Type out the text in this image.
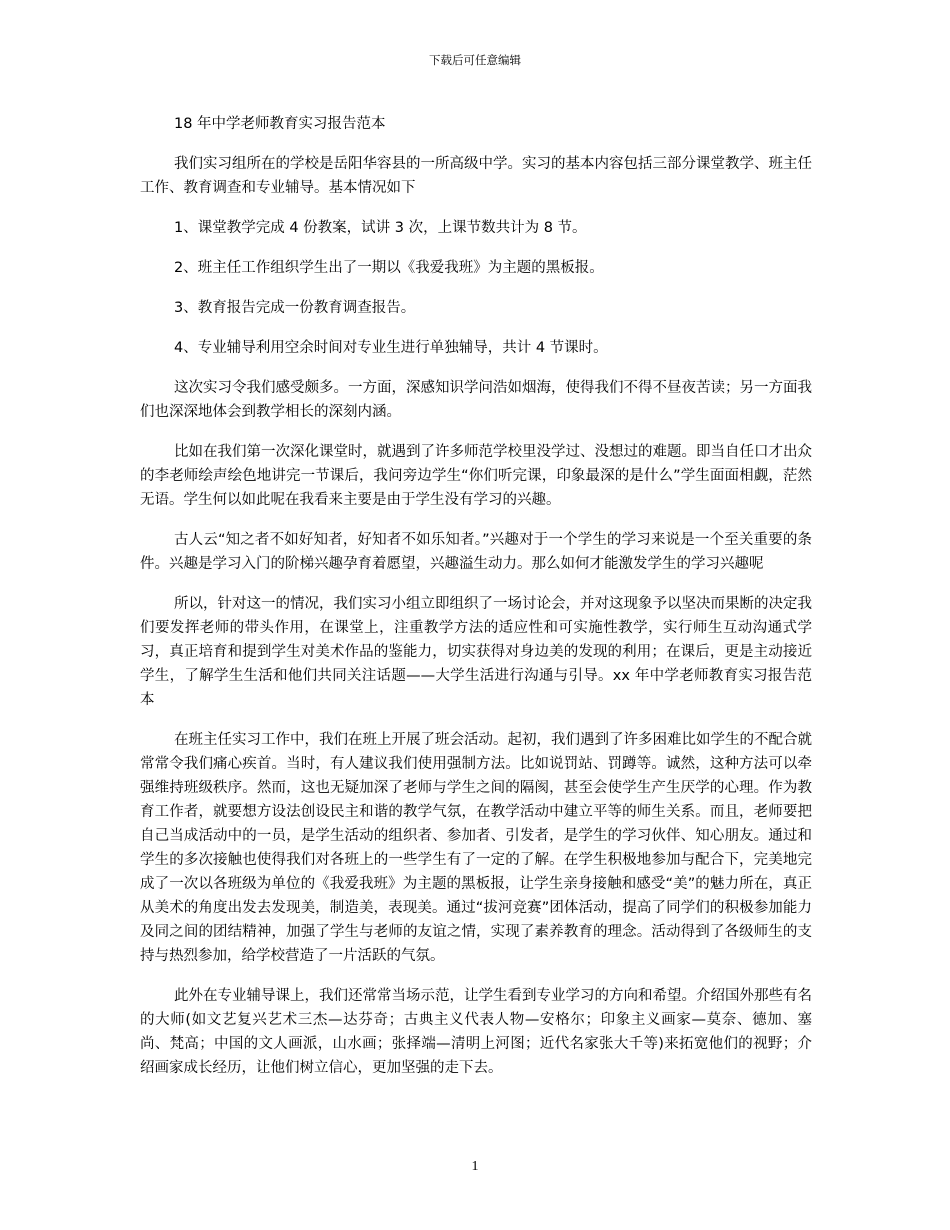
下载后可任意编辑

18 年中学老师教育实习报告范本

我们实习组所在的学校是岳阳华容县的一所高级中学。实习的基本内容包括三部分课堂教学、班主任工作、教育调查和专业辅导。基本情况如下

1、课堂教学完成 4 份教案，试讲 3 次，上课节数共计为 8 节。

2、班主任工作组织学生出了一期以《我爱我班》为主题的黑板报。

3、教育报告完成一份教育调查报告。

4、专业辅导利用空余时间对专业生进行单独辅导，共计 4 节课时。

这次实习令我们感受颇多。一方面，深感知识学问浩如烟海，使得我们不得不昼夜苦读；另一方面我们也深深地体会到教学相长的深刻内涵。

比如在我们第一次深化课堂时，就遇到了许多师范学校里没学过、没想过的难题。即当自任口才出众的李老师绘声绘色地讲完一节课后，我问旁边学生“你们听完课，印象最深的是什么”学生面面相觑，茫然无语。学生何以如此呢在我看来主要是由于学生没有学习的兴趣。

古人云“知之者不如好知者，好知者不如乐知者。”兴趣对于一个学生的学习来说是一个至关重要的条件。兴趣是学习入门的阶梯兴趣孕育着愿望，兴趣溢生动力。那么如何才能激发学生的学习兴趣呢

所以，针对这一的情况，我们实习小组立即组织了一场讨论会，并对这现象予以坚决而果断的决定我们要发挥老师的带头作用，在课堂上，注重教学方法的适应性和可实施性教学，实行师生互动沟通式学习，真正培育和提到学生对美术作品的鉴能力，切实获得对身边美的发现的利用；在课后，更是主动接近学生，了解学生生活和他们共同关注话题——大学生活进行沟通与引导。xx 年中学老师教育实习报告范本

在班主任实习工作中，我们在班上开展了班会活动。起初，我们遇到了许多困难比如学生的不配合就常常令我们痛心疾首。当时，有人建议我们使用强制方法。比如说罚站、罚蹲等。诚然，这种方法可以牵强维持班级秩序。然而，这也无疑加深了老师与学生之间的隔阂，甚至会使学生产生厌学的心理。作为教育工作者，就要想方设法创设民主和谐的教学气氛，在教学活动中建立平等的师生关系。而且，老师要把自己当成活动中的一员，是学生活动的组织者、参加者、引发者，是学生的学习伙伴、知心朋友。通过和学生的多次接触也使得我们对各班上的一些学生有了一定的了解。在学生积极地参加与配合下，完美地完成了一次以各班级为单位的《我爱我班》为主题的黑板报，让学生亲身接触和感受“美”的魅力所在，真正从美术的角度出发去发现美，制造美，表现美。通过“拔河竞赛”团体活动，提高了同学们的积极参加能力及同之间的团结精神，加强了学生与老师的友谊之情，实现了素养教育的理念。活动得到了各级师生的支持与热烈参加，给学校营造了一片活跃的气氛。

此外在专业辅导课上，我们还常常当场示范，让学生看到专业学习的方向和希望。介绍国外那些有名的大师(如文艺复兴艺术三杰—达芬奇；古典主义代表人物—安格尔；印象主义画家—莫奈、德加、塞尚、梵高；中国的文人画派，山水画；张择端—清明上河图；近代名家张大千等)来拓宽他们的视野；介绍画家成长经历，让他们树立信心，更加坚强的走下去。

1
